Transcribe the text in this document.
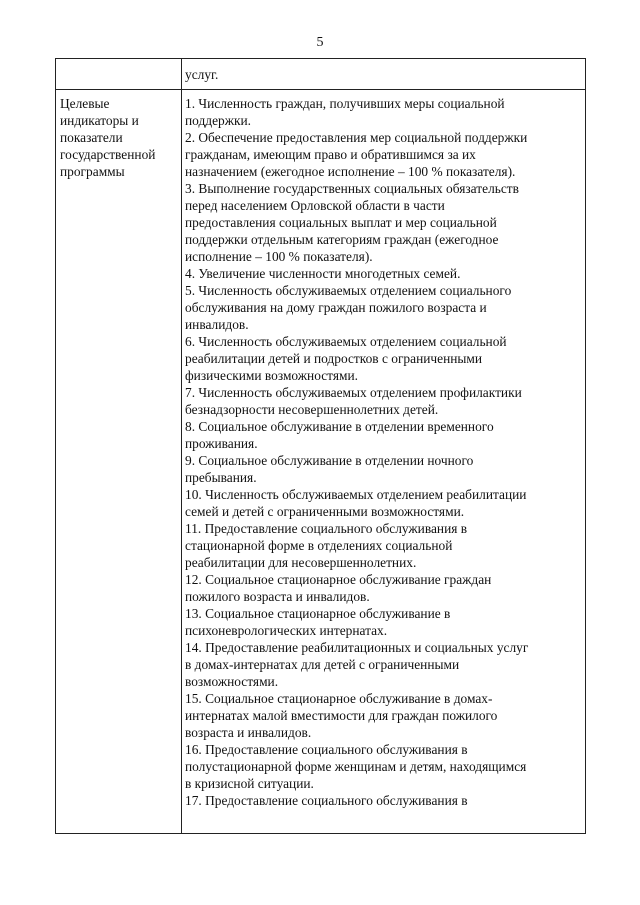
5
услуг.
Целевые
индикаторы и
показатели
государственной
программы
1. Численность граждан, получивших меры социальной
поддержки.
2. Обеспечение предоставления мер социальной поддержки
гражданам, имеющим право и обратившимся за их
назначением (ежегодное исполнение – 100 % показателя).
3. Выполнение государственных социальных обязательств
перед населением Орловской области в части
предоставления социальных выплат и мер социальной
поддержки отдельным категориям граждан (ежегодное
исполнение – 100 % показателя).
4. Увеличение численности многодетных семей.
5. Численность обслуживаемых отделением социального
обслуживания на дому граждан пожилого возраста и
инвалидов.
6. Численность обслуживаемых отделением социальной
реабилитации детей и подростков с ограниченными
физическими возможностями.
7. Численность обслуживаемых отделением профилактики
безнадзорности несовершеннолетних детей.
8. Социальное обслуживание в отделении временного
проживания.
9. Социальное обслуживание в отделении ночного
пребывания.
10. Численность обслуживаемых отделением реабилитации
семей и детей с ограниченными возможностями.
11. Предоставление социального обслуживания в
стационарной форме в отделениях социальной
реабилитации для несовершеннолетних.
12. Социальное стационарное обслуживание граждан
пожилого возраста и инвалидов.
13. Социальное стационарное обслуживание в
психоневрологических интернатах.
14. Предоставление реабилитационных и социальных услуг
в домах-интернатах для детей с ограниченными
возможностями.
15. Социальное стационарное обслуживание в домах-
интернатах малой вместимости для граждан пожилого
возраста и инвалидов.
16. Предоставление социального обслуживания в
полустационарной форме женщинам и детям, находящимся
в кризисной ситуации.
17. Предоставление социального обслуживания в
